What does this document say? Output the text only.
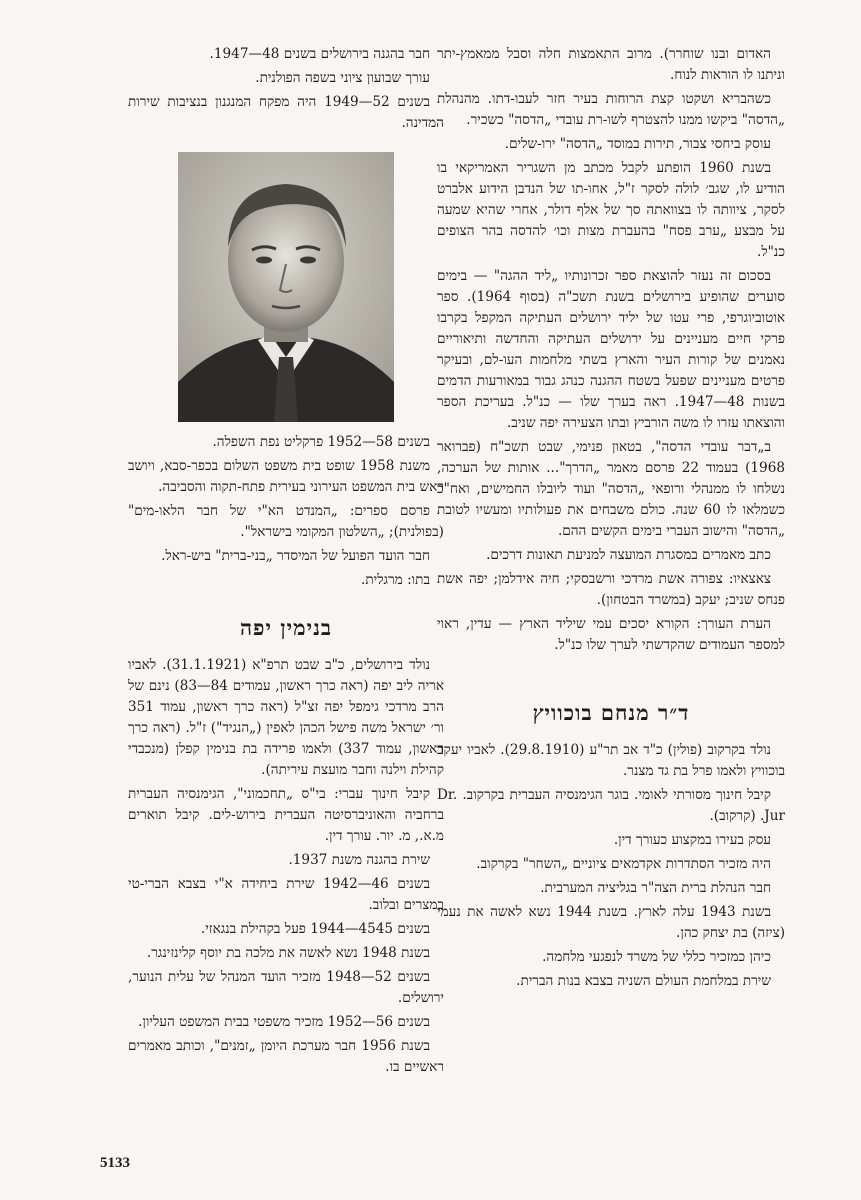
האדום ובנו שוחרר). מרוב התאמצות חלה וסבל ממאמץ-יתר וניתנו לו הוראות לנוח.

כשהבריא ושקטו קצת הרוחות בעיר חזר לעבו-דתו. מהנהלת „הדסה" ביקשו ממנו להצטרף לשו-רת עובדי „הדסה" כשכיר.

עוסק ביחסי צבור, תירות במוסד „הדסה" ירו-שלים.

בשנת 1960 הופתע לקבל מכתב מן השגריר האמריקאי בו הודיע לו, שגב׳ לולה לסקר ז"ל, אחו-תו של הנדבן הידוע אלברט לסקר, ציוותה לו בצוואתה סך של אלף דולר, אחרי שהיא שמעה על מבצע „ערב פסח" בהעברת מצות וכו׳ להדסה בהר הצופים כנ"ל.

בסכום זה נעזר להוצאת ספר זכרונותיו „ליד ההגה" — בימים סוערים שהופיע בירושלים בשנת תשכ"ה (בסוף 1964). ספר אוטוביוגרפי, פרי עטו של יליד ירושלים העתיקה המקפל בקרבו פרקי חיים מעניינים על ירושלים העתיקה והחדשה ותיאוריים נאמנים של קורות העיר והארץ בשתי מלחמות העו-לם, ובעיקר פרטים מעניינים שפעל בשטח ההגנה כנהג גבור במאורעות הדמים בשנות 48—1947. ראה בערך שלו — כנ"ל. בעריכת הספר והוצאתו עזרו לו משה הורביץ ובתו הצעירה יפה שניב.

ב„דבר עובדי הדסה", בטאון פנימי, שבט תשכ"ח (פברואר 1968) בעמוד 22 פרסם מאמר „הדרך"... אותות של הערכה, נשלחו לו ממנהלי ורופאי „הדסה" ועוד ליובלו החמישים, ואח"כ כשמלאו לו 60 שנה. כולם משבחים את פעולותיו ומעשיו לטובת „הדסה" והישוב העברי בימים הקשים ההם.

כתב מאמרים במסגרת המועצה למניעת תאונות דרכים.

צאצאיו: צפורה אשת מרדכי ורשבסקי; חיה אידלמן; יפה אשת פנחס שניב; יעקב (במשרד הבטחון).

הערת העורך: הקורא יסכים עמי שיליד הארץ — עדין, ראוי למספר העמודים שהקדשתי לערך שלו כנ"ל.

ד״ר מנחם בוכוויץ

נולד בקרקוב (פולין) כ"ד אב תר"ע (29.8.1910). לאביו יעקב בוכוויץ ולאמו פרל בת גד מצנר.

קיבל חינוך מסורתי לאומי. בוגר הגימנסיה העברית בקרקוב. Dr. Jur. (קרקוב).

עסק בעירו במקצוע כעורך דין.

היה מזכיר הסתדרות אקדמאים ציוניים „השחר" בקרקוב.

חבר הנהלת ברית הצה"ר בגליציה המערבית.

בשנת 1943 עלה לארץ. בשנת 1944 נשא לאשה את נעמי (ציזה) בת יצחק כהן.

כיהן כמזכיר כללי של משרד לנפגעי מלחמה.

שירת במלחמת העולם השניה בצבא בנות הברית.

חבר בהגנה בירושלים בשנים 48—1947.

עורך שבועון ציוני בשפה הפולנית.

בשנים 52—1949 היה מפקח המנגנון בנציבות שירות המדינה.

בשנים 58—1952 פרקליט נפת השפלה.

משנת 1958 שופט בית משפט השלום בכפר-סבא, ויושב ראש בית המשפט העירוני בעירית פתח-תקוה והסביבה.

פרסם ספרים: „המנדט הא"י של חבר הלאו-מים" (בפולנית); „השלטון המקומי בישראל".

חבר הועד הפועל של המיסדר „בני-ברית" ביש-ראל.

בתו: מרגלית.

בנימין יפה

נולד בירושלים, כ"ב שבט תרפ"א (31.1.1921). לאביו אריה ליב יפה (ראה כרך ראשון, עמודים 84—83) נינם של הרב מרדכי גימפל יפה זצ"ל (ראה כרך ראשון, עמוד 351 ור׳ ישראל משה פישל הכהן לאפין („הנגיד") ז"ל. (ראה כרך ראשון, עמוד 337) ולאמו פרידה בת בנימין קפלן (מנכבדי קהילת וילנה וחבר מועצת עיריתה).

קיבל חינוך עברי: בי"ס „תחכמוני", הגימנסיה העברית ברחביה והאוניברסיטה העברית בירוש-לים. קיבל תוארים מ.א., מ. יור. עורך דין.

שירת בהגנה משנת 1937.

בשנים 46—1942 שירת ביחידה א"י בצבא הברי-טי במצרים ובלוב.

בשנים 4545—1944 פעל בקהילת בנגאזי.

בשנת 1948 נשא לאשה את מלכה בת יוסף קלינזינגר.

בשנים 52—1948 מזכיר הועד המנהל של עלית הנוער, ירושלים.

בשנים 56—1952 מזכיר משפטי בבית המשפט העליון.

בשנת 1956 חבר מערכת היומן „זמנים", וכותב מאמרים ראשיים בו.

5133
